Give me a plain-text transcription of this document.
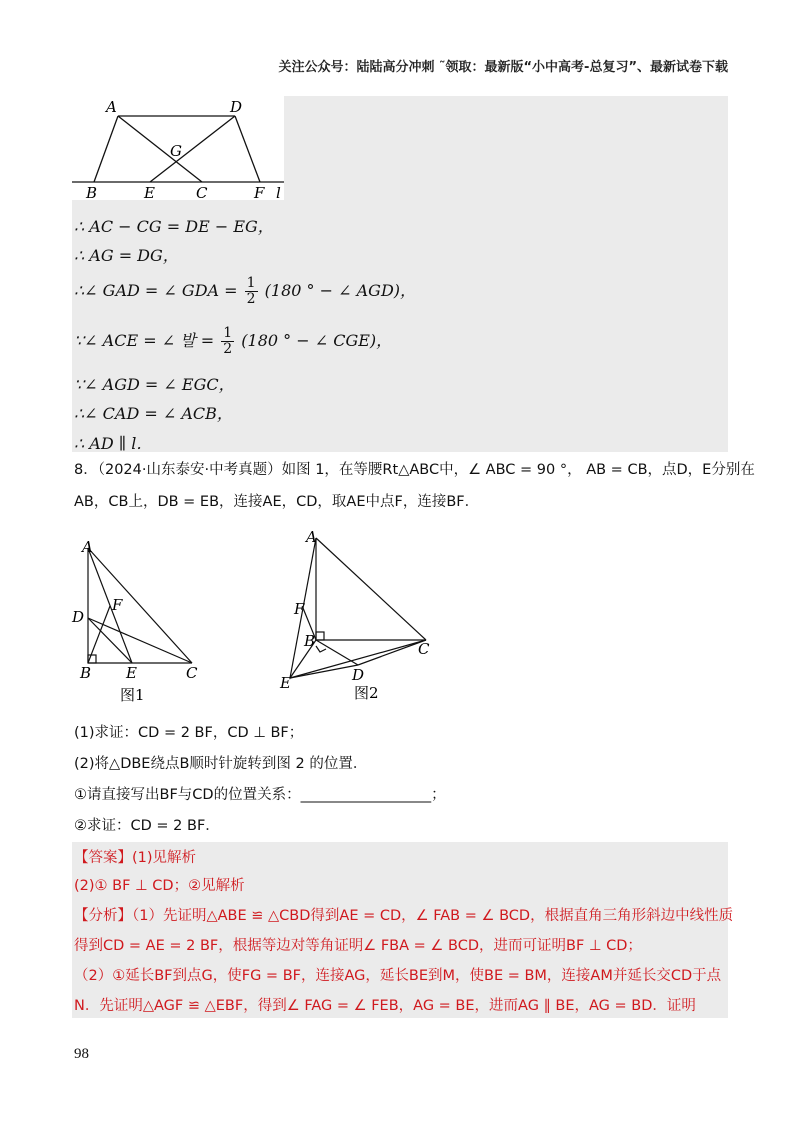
关注公众号：陆陆高分冲刺 ˜领取：最新版“小中高考-总复习”、最新试卷下载
A	D
G
B	E	C	F l
∴ AC − CG = DE − EG，
∴ AG = DG，
∴∠ GAD = ∠ GDA = $\frac{1}{2} (180$ ° − ∠ AGD)，
∵∠ ACE = ∠ 발 = $\frac{1}{2} (180$ ° − ∠ CGE)，
∵∠ AGD = ∠ EGC，
∴∠ CAD = ∠ ACB，
∴ AD ∥ l．
8．（2024·山东泰安·中考真题）如图 1，在等腰Rt△ABC中，∠ ABC = 90 °， AB = CB，点D，E分别在
AB，CB上，DB = EB，连接AE，CD，取AE中点F，连接BF．
A
D
F
B E	C
图1
A
F
B	C
D
E
图2
(1)求证：CD = 2 BF，CD ⊥ BF；
(2)将△DBE绕点B顺时针旋转到图 2 的位置．
①请直接写出BF与CD的位置关系：__________________；
②求证：CD = 2 BF．
【答案】(1)见解析
(2)① BF ⊥ CD；②见解析
【分析】（1）先证明△ABE ≌ △CBD得到AE = CD，∠ FAB = ∠ BCD，根据直角三角形斜边中线性质
得到CD = AE = 2 BF，根据等边对等角证明∠ FBA = ∠ BCD，进而可证明BF ⊥ CD；
（2）①延长BF到点G，使FG = BF，连接AG，延长BE到M，使BE = BM，连接AM并延长交CD于点
N．先证明△AGF ≌ △EBF，得到∠ FAG = ∠ FEB，AG = BE，进而AG ∥ BE，AG = BD．证明
98
